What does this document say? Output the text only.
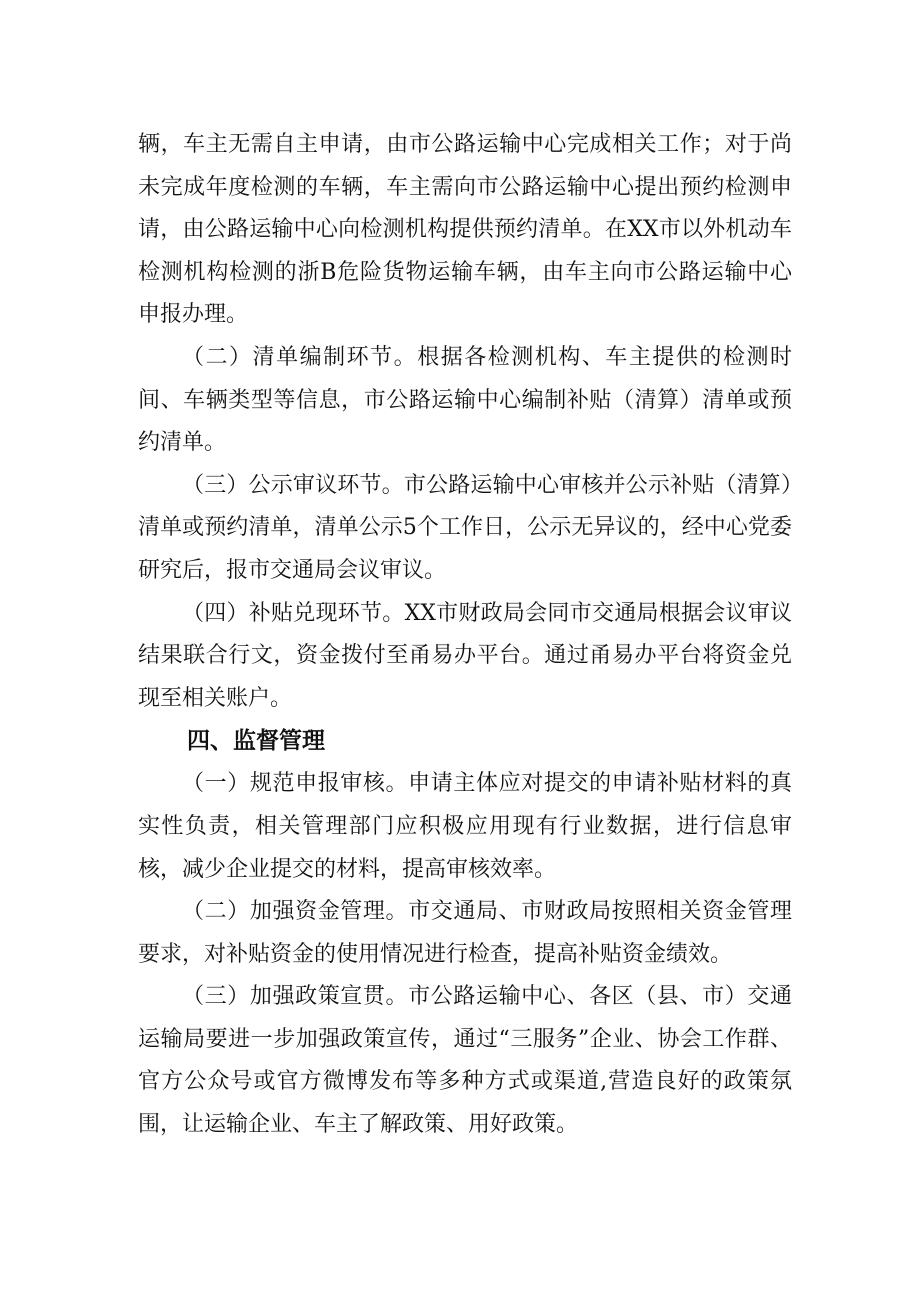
辆，车主无需自主申请，由市公路运输中心完成相关工作；对于尚未完成年度检测的车辆，车主需向市公路运输中心提出预约检测申请，由公路运输中心向检测机构提供预约清单。在XX市以外机动车检测机构检测的浙B危险货物运输车辆，由车主向市公路运输中心申报办理。

（二）清单编制环节。根据各检测机构、车主提供的检测时间、车辆类型等信息，市公路运输中心编制补贴（清算）清单或预约清单。

（三）公示审议环节。市公路运输中心审核并公示补贴（清算）清单或预约清单，清单公示5个工作日，公示无异议的，经中心党委研究后，报市交通局会议审议。

（四）补贴兑现环节。XX市财政局会同市交通局根据会议审议结果联合行文，资金拨付至甬易办平台。通过甬易办平台将资金兑现至相关账户。

四、监督管理

（一）规范申报审核。申请主体应对提交的申请补贴材料的真实性负责，相关管理部门应积极应用现有行业数据，进行信息审核，减少企业提交的材料，提高审核效率。

（二）加强资金管理。市交通局、市财政局按照相关资金管理要求，对补贴资金的使用情况进行检查，提高补贴资金绩效。

（三）加强政策宣贯。市公路运输中心、各区（县、市）交通运输局要进一步加强政策宣传，通过“三服务”企业、协会工作群、官方公众号或官方微博发布等多种方式或渠道,营造良好的政策氛围，让运输企业、车主了解政策、用好政策。
